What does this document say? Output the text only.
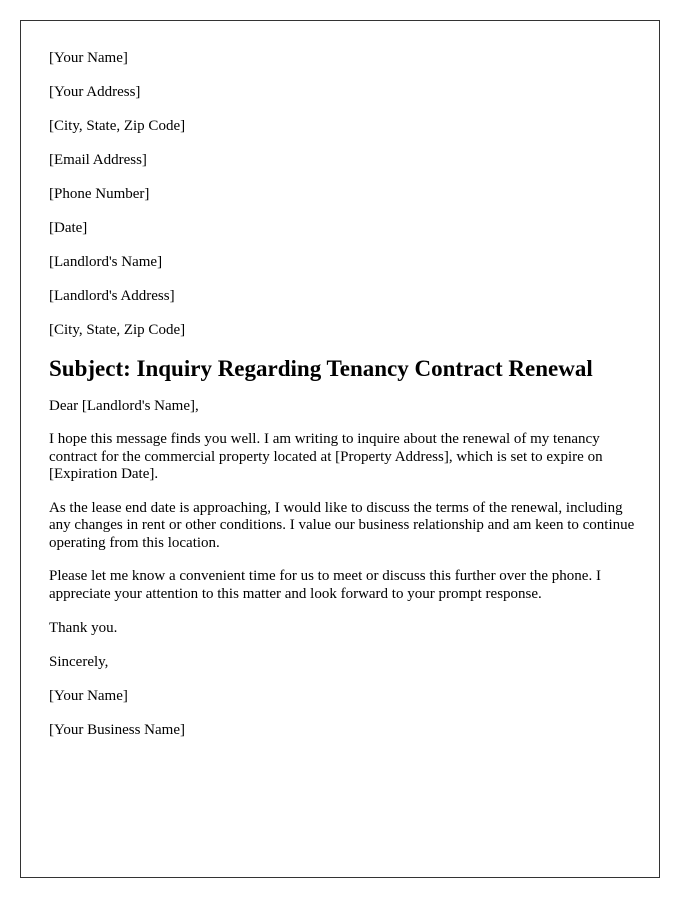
[Your Name]
[Your Address]
[City, State, Zip Code]
[Email Address]
[Phone Number]
[Date]
[Landlord's Name]
[Landlord's Address]
[City, State, Zip Code]
Subject: Inquiry Regarding Tenancy Contract Renewal
Dear [Landlord's Name],

I hope this message finds you well. I am writing to inquire about the renewal of my tenancy contract for the commercial property located at [Property Address], which is set to expire on [Expiration Date].

As the lease end date is approaching, I would like to discuss the terms of the renewal, including any changes in rent or other conditions. I value our business relationship and am keen to continue operating from this location.

Please let me know a convenient time for us to meet or discuss this further over the phone. I appreciate your attention to this matter and look forward to your prompt response.

Thank you.
Sincerely,
[Your Name]
[Your Business Name]
